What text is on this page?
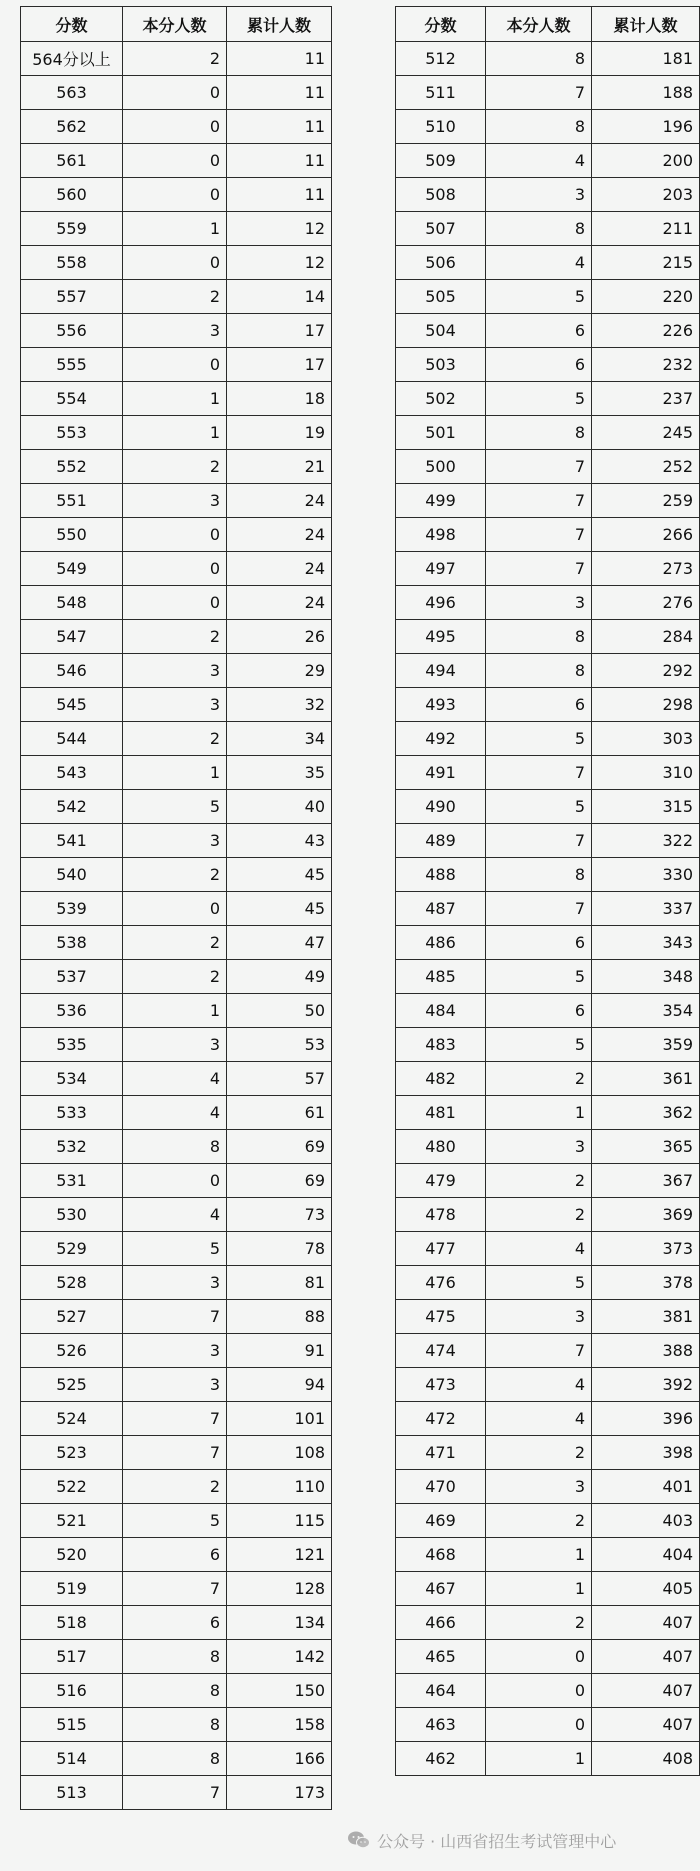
分数	本分人数	累计人数
564分以上	2	11
563	0	11
562	0	11
561	0	11
560	0	11
559	1	12
558	0	12
557	2	14
556	3	17
555	0	17
554	1	18
553	1	19
552	2	21
551	3	24
550	0	24
549	0	24
548	0	24
547	2	26
546	3	29
545	3	32
544	2	34
543	1	35
542	5	40
541	3	43
540	2	45
539	0	45
538	2	47
537	2	49
536	1	50
535	3	53
534	4	57
533	4	61
532	8	69
531	0	69
530	4	73
529	5	78
528	3	81
527	7	88
526	3	91
525	3	94
524	7	101
523	7	108
522	2	110
521	5	115
520	6	121
519	7	128
518	6	134
517	8	142
516	8	150
515	8	158
514	8	166
513	7	173
分数	本分人数	累计人数
512	8	181
511	7	188
510	8	196
509	4	200
508	3	203
507	8	211
506	4	215
505	5	220
504	6	226
503	6	232
502	5	237
501	8	245
500	7	252
499	7	259
498	7	266
497	7	273
496	3	276
495	8	284
494	8	292
493	6	298
492	5	303
491	7	310
490	5	315
489	7	322
488	8	330
487	7	337
486	6	343
485	5	348
484	6	354
483	5	359
482	2	361
481	1	362
480	3	365
479	2	367
478	2	369
477	4	373
476	5	378
475	3	381
474	7	388
473	4	392
472	4	396
471	2	398
470	3	401
469	2	403
468	1	404
467	1	405
466	2	407
465	0	407
464	0	407
463	0	407
462	1	408
公众号 · 山西省招生考试管理中心
